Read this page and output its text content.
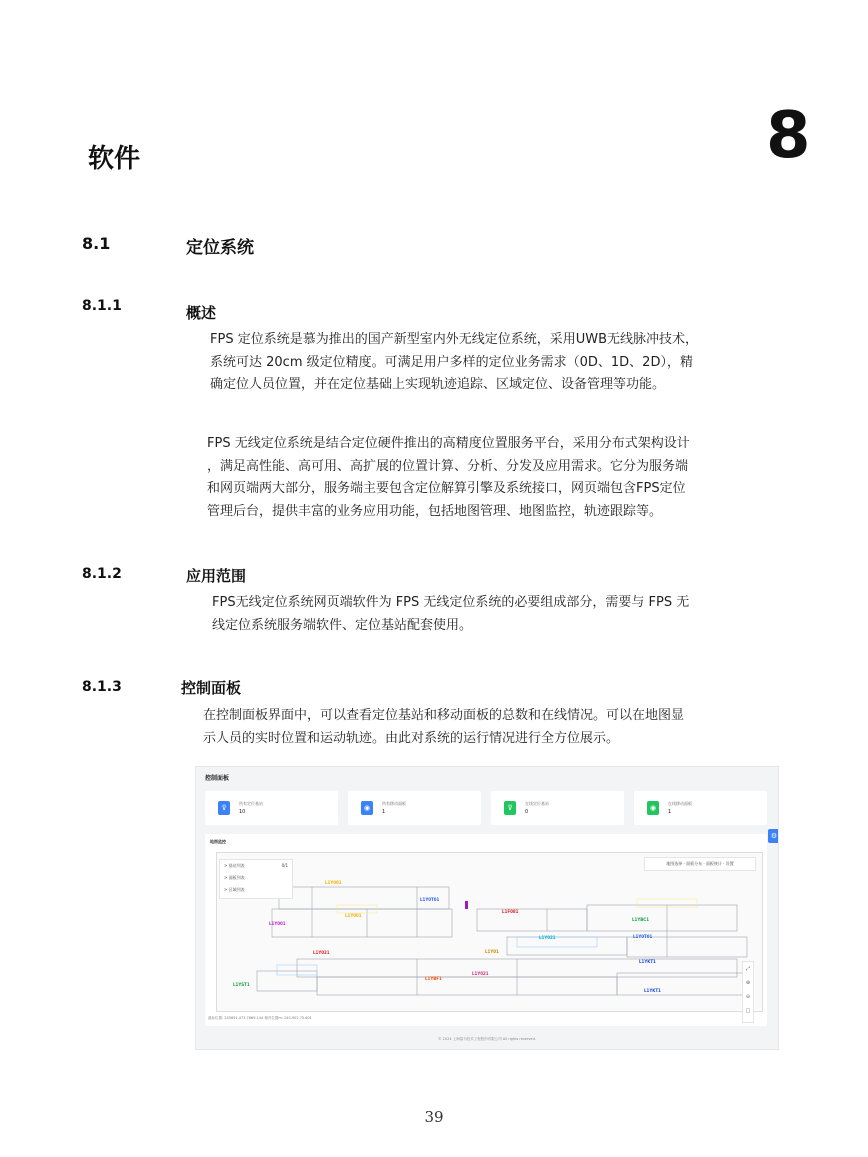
软件	8
8.1	定位系统
8.1.1	概述
FPS 定位系统是慕为推出的国产新型室内外无线定位系统，采用UWB无线脉冲技术，
系统可达 20cm 级定位精度。可满足用户多样的定位业务需求（0D、1D、2D），精
确定位人员位置，并在定位基础上实现轨迹追踪、区域定位、设备管理等功能。
FPS 无线定位系统是结合定位硬件推出的高精度位置服务平台，采用分布式架构设计
，满足高性能、高可用、高扩展的位置计算、分析、分发及应用需求。它分为服务端
和网页端两大部分，服务端主要包含定位解算引擎及系统接口，网页端包含FPS定位
管理后台，提供丰富的业务应用功能，包括地图管理、地图监控，轨迹跟踪等。
8.1.2	应用范围
FPS无线定位系统网页端软件为 FPS 无线定位系统的必要组成部分，需要与 FPS 无
线定位系统服务端软件、定位基站配套使用。
8.1.3	控制面板
在控制面板界面中，可以查看定位基站和移动面板的总数和在线情况。可以在地图显
示人员的实时位置和运动轨迹。由此对系统的运行情况进行全方位展示。
控制面板
⊽
所有定位基站
10	◉
所有移动面板
1	⊽
在线定位基站
0	◉
在线移动面板
1
⚙
地图监控
L1Y001
L1Y001
L1Y0T01
L1Y001
L1Y021
L1F081
L1YBC1
L1Y0T01
L1Y021
L1YKT1
L1Y021
L1YBF1
L1YKT1
L1YST1
L1Y01
> 基站列表	0/1
> 面板列表
> 区域列表
地图选择 · 面板分布 · 面板统计 · 设置
⤢
⊕
⊖
□
鼠标位置: 245891.473 7669.144 相对位置m: 240.902 75.601
© 2024 上海慕为技术工程股份有限公司 All rights reserved.
39
